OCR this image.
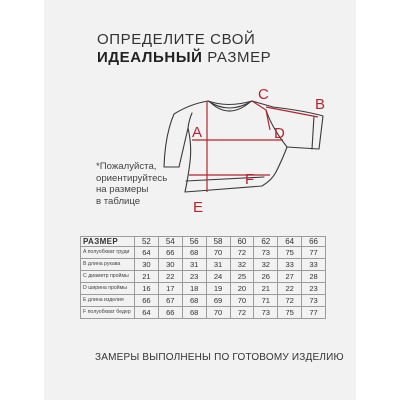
ОПРЕДЕЛИТЕ СВОЙ
ИДЕАЛЬНЫЙ РАЗМЕР
A
B
C
D
E
F
*Пожалуйста,
ориентируйтесь
на размеры
в таблице
РАЗМЕР	52	54	56	58	60	62	64	66
A полуобхват груди	64	66	68	70	72	73	75	77
B длина рукава	30	30	31	31	32	32	33	33
C диаметр проймы	21	22	23	24	25	26	27	28
D ширина проймы	16	17	18	19	20	21	22	23
E длина изделия	66	67	68	69	70	71	72	73
F полуобхват бедер	64	66	68	70	72	73	75	77
ЗАМЕРЫ ВЫПОЛНЕНЫ ПО ГОТОВОМУ ИЗДЕЛИЮ
